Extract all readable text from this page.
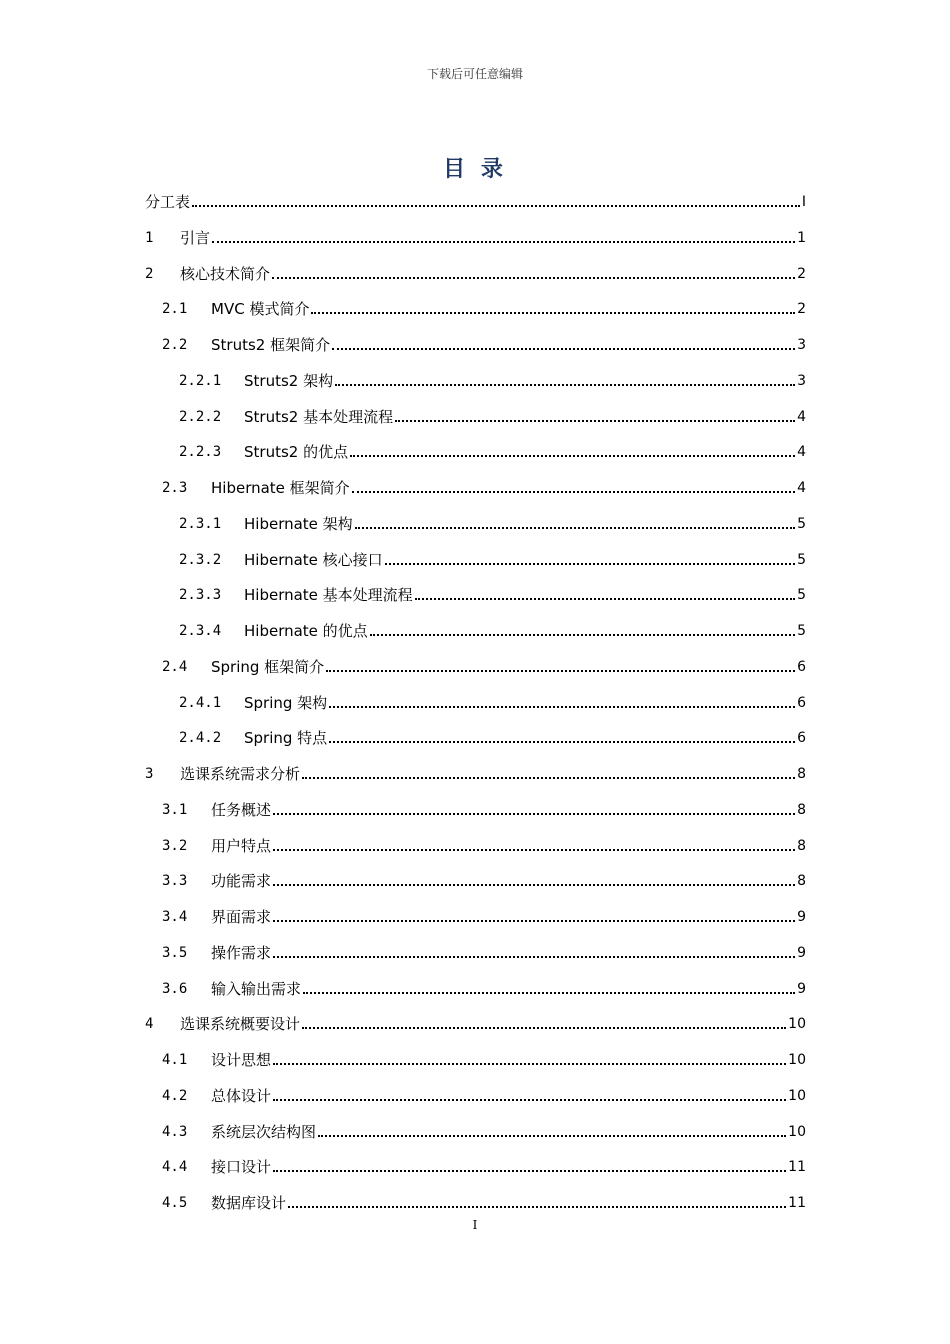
下载后可任意编辑
目 录
分工表	I
1	引言	1
2	核心技术简介	2
2.1	MVC 模式简介	2
2.2	Struts2 框架简介	3
2.2.1	Struts2 架构	3
2.2.2	Struts2 基本处理流程	4
2.2.3	Struts2 的优点	4
2.3	Hibernate 框架简介	4
2.3.1	Hibernate 架构	5
2.3.2	Hibernate 核心接口	5
2.3.3	Hibernate 基本处理流程	5
2.3.4	Hibernate 的优点	5
2.4	Spring 框架简介	6
2.4.1	Spring 架构	6
2.4.2	Spring 特点	6
3	选课系统需求分析	8
3.1	任务概述	8
3.2	用户特点	8
3.3	功能需求	8
3.4	界面需求	9
3.5	操作需求	9
3.6	输入输出需求	9
4	选课系统概要设计	10
4.1	设计思想	10
4.2	总体设计	10
4.3	系统层次结构图	10
4.4	接口设计	11
4.5	数据库设计	11
I
